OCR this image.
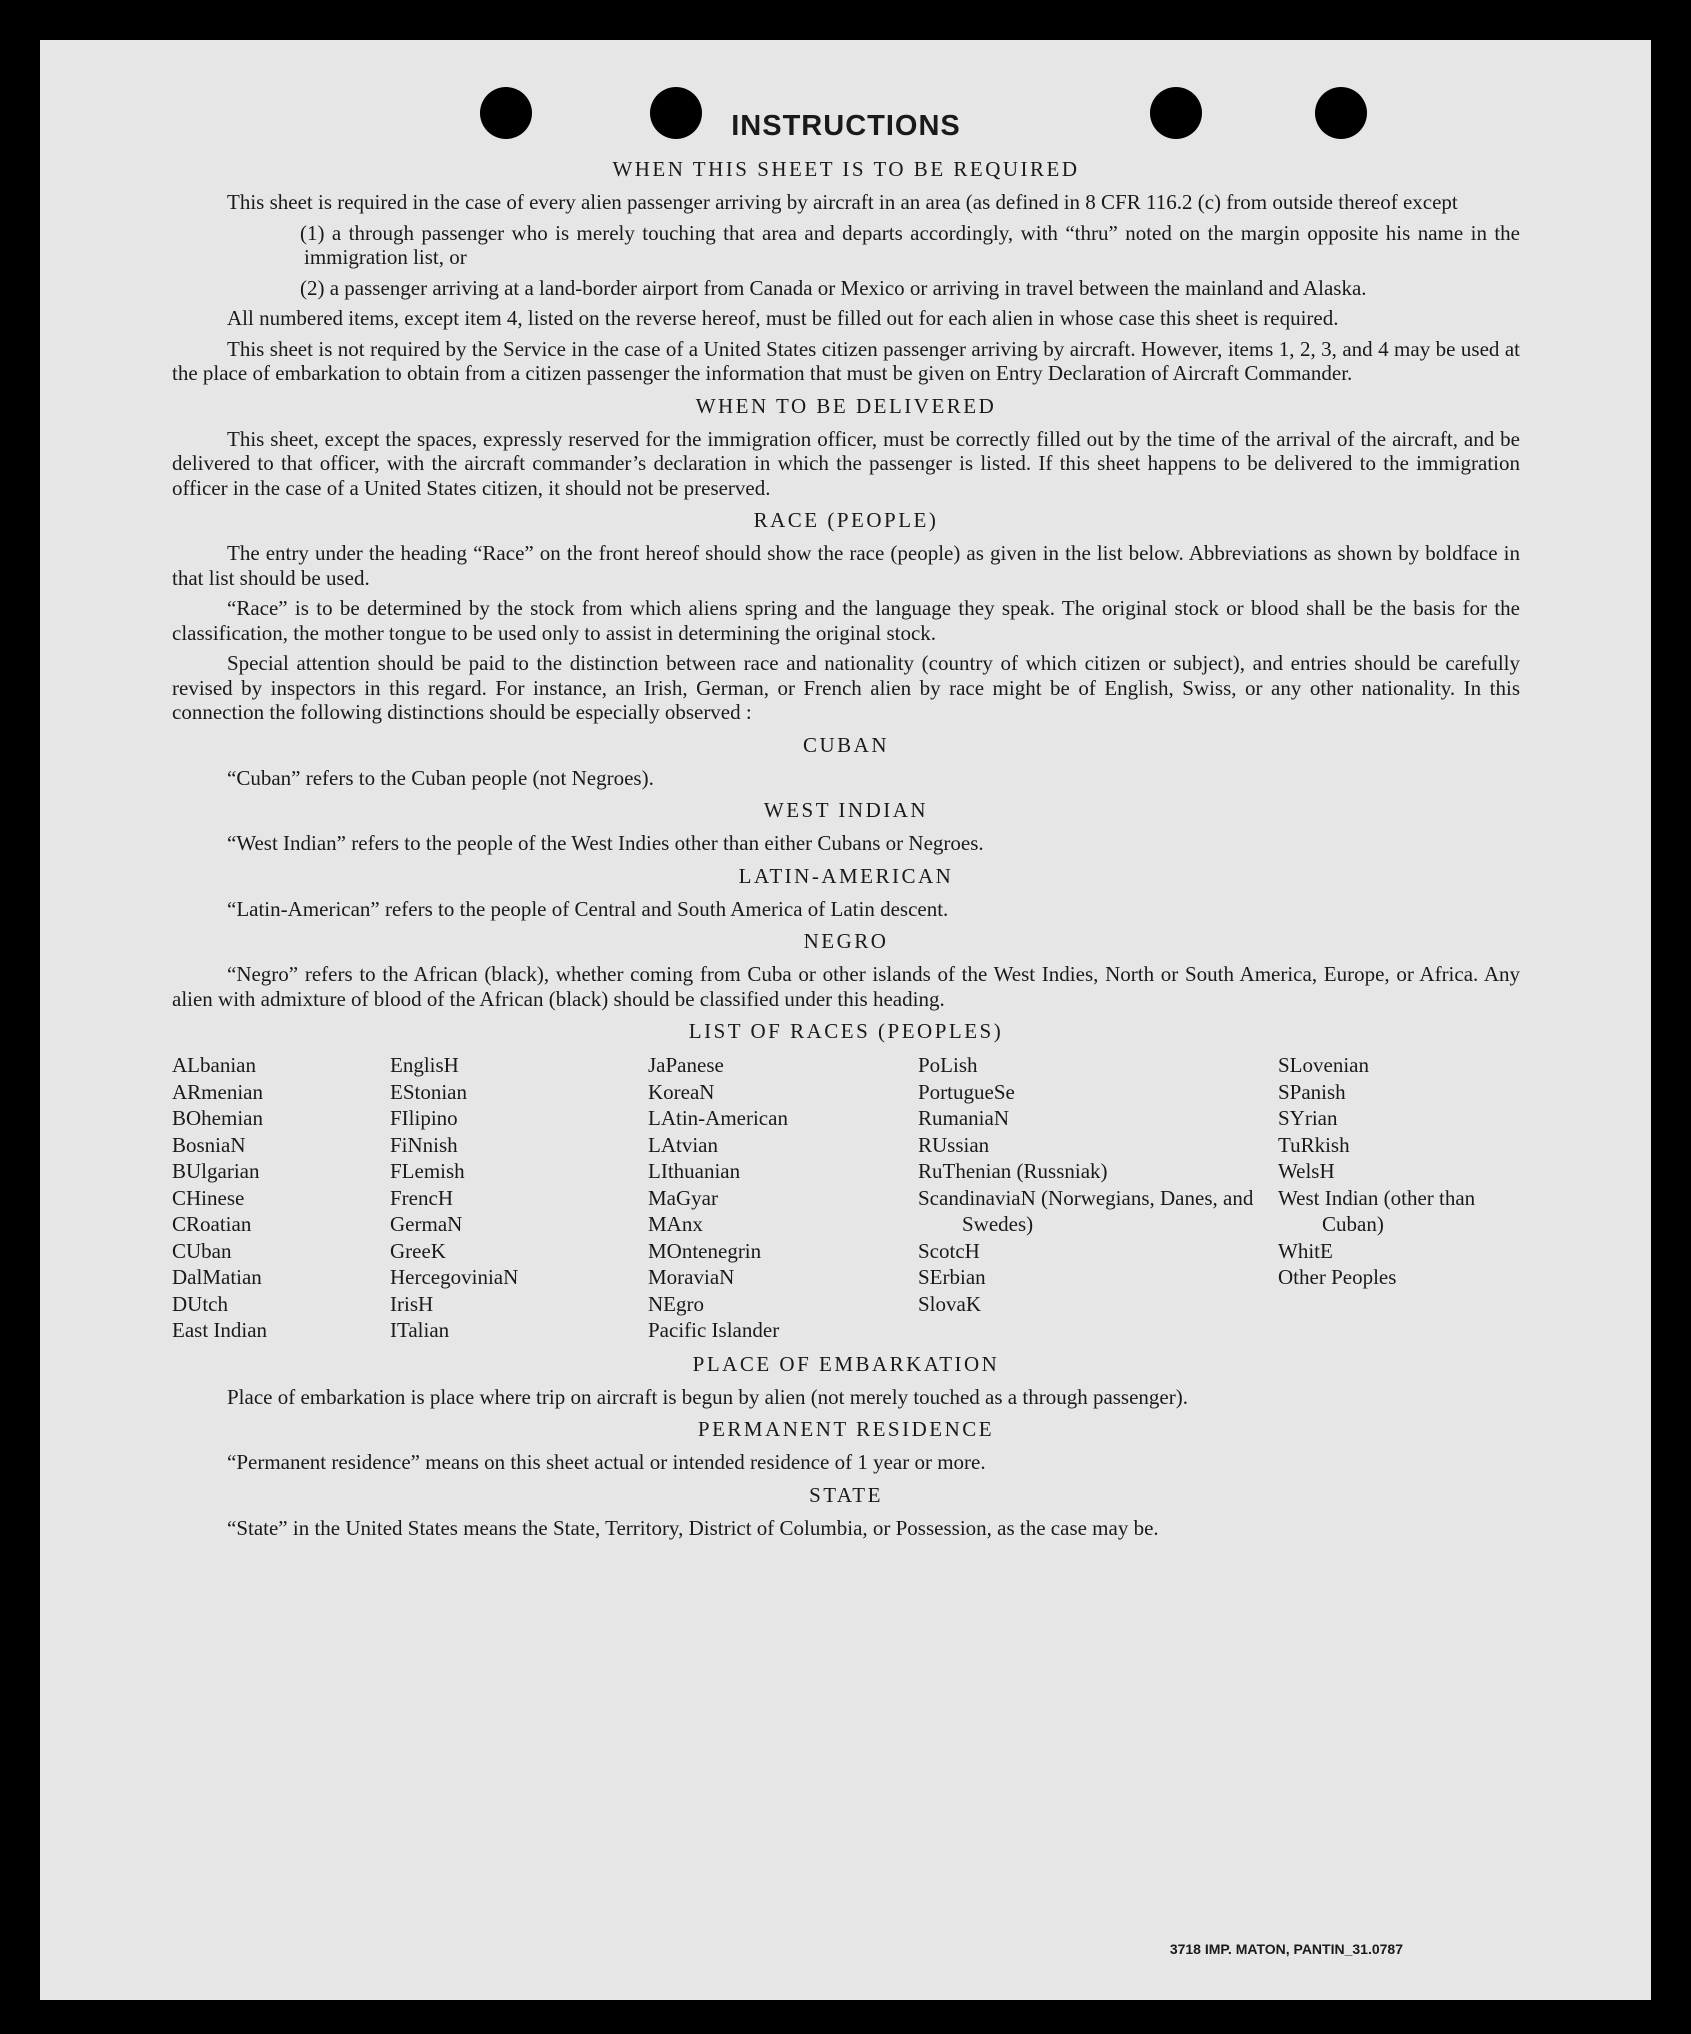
INSTRUCTIONS
WHEN THIS SHEET IS TO BE REQUIRED

This sheet is required in the case of every alien passenger arriving by aircraft in an area (as defined in 8 CFR 116.2 (c) from outside thereof except

(1) a through passenger who is merely touching that area and departs accordingly, with “thru” noted on the margin opposite his name in the immigration list, or

(2) a passenger arriving at a land-border airport from Canada or Mexico or arriving in travel between the mainland and Alaska.

All numbered items, except item 4, listed on the reverse hereof, must be filled out for each alien in whose case this sheet is required.

This sheet is not required by the Service in the case of a United States citizen passenger arriving by aircraft. However, items 1, 2, 3, and 4 may be used at the place of embarkation to obtain from a citizen passenger the information that must be given on Entry Declaration of Aircraft Commander.

WHEN TO BE DELIVERED

This sheet, except the spaces, expressly reserved for the immigration officer, must be correctly filled out by the time of the arrival of the aircraft, and be delivered to that officer, with the aircraft commander’s declaration in which the passenger is listed. If this sheet happens to be delivered to the immigration officer in the case of a United States citizen, it should not be preserved.

RACE (PEOPLE)

The entry under the heading “Race” on the front hereof should show the race (people) as given in the list below. Abbreviations as shown by boldface in that list should be used.

“Race” is to be determined by the stock from which aliens spring and the language they speak. The original stock or blood shall be the basis for the classification, the mother tongue to be used only to assist in determining the original stock.

Special attention should be paid to the distinction between race and nationality (country of which citizen or subject), and entries should be carefully revised by inspectors in this regard. For instance, an Irish, German, or French alien by race might be of English, Swiss, or any other nationality. In this connection the following distinctions should be especially observed :

CUBAN

“Cuban” refers to the Cuban people (not Negroes).

WEST INDIAN

“West Indian” refers to the people of the West Indies other than either Cubans or Negroes.

LATIN-AMERICAN

“Latin-American” refers to the people of Central and South America of Latin descent.

NEGRO

“Negro” refers to the African (black), whether coming from Cuba or other islands of the West Indies, North or South America, Europe, or Africa. Any alien with admixture of blood of the African (black) should be classified under this heading.

LIST OF RACES (PEOPLES)
ALbanian
ARmenian
BOhemian
BosniaN
BUlgarian
CHinese
CRoatian
CUban
DalMatian
DUtch
East Indian
EnglisH
EStonian
FIlipino
FiNnish
FLemish
FrencH
GermaN
GreeK
HercegoviniaN
IrisH
ITalian
JaPanese
KoreaN
LAtin-American
LAtvian
LIthuanian
MaGyar
MAnx
MOntenegrin
MoraviaN
NEgro
Pacific Islander
PoLish
PortugueSe
RumaniaN
RUssian
RuThenian (Russniak)
ScandinaviaN (Norwegians, Danes, and Swedes)
ScotcH
SErbian
SlovaK
SLovenian
SPanish
SYrian
TuRkish
WelsH
West Indian (other than Cuban)
WhitE
Other Peoples
PLACE OF EMBARKATION

Place of embarkation is place where trip on aircraft is begun by alien (not merely touched as a through passenger).

PERMANENT RESIDENCE

“Permanent residence” means on this sheet actual or intended residence of 1 year or more.

STATE

“State” in the United States means the State, Territory, District of Columbia, or Possession, as the case may be.

3718 IMP. MATON, PANTIN_31.0787
